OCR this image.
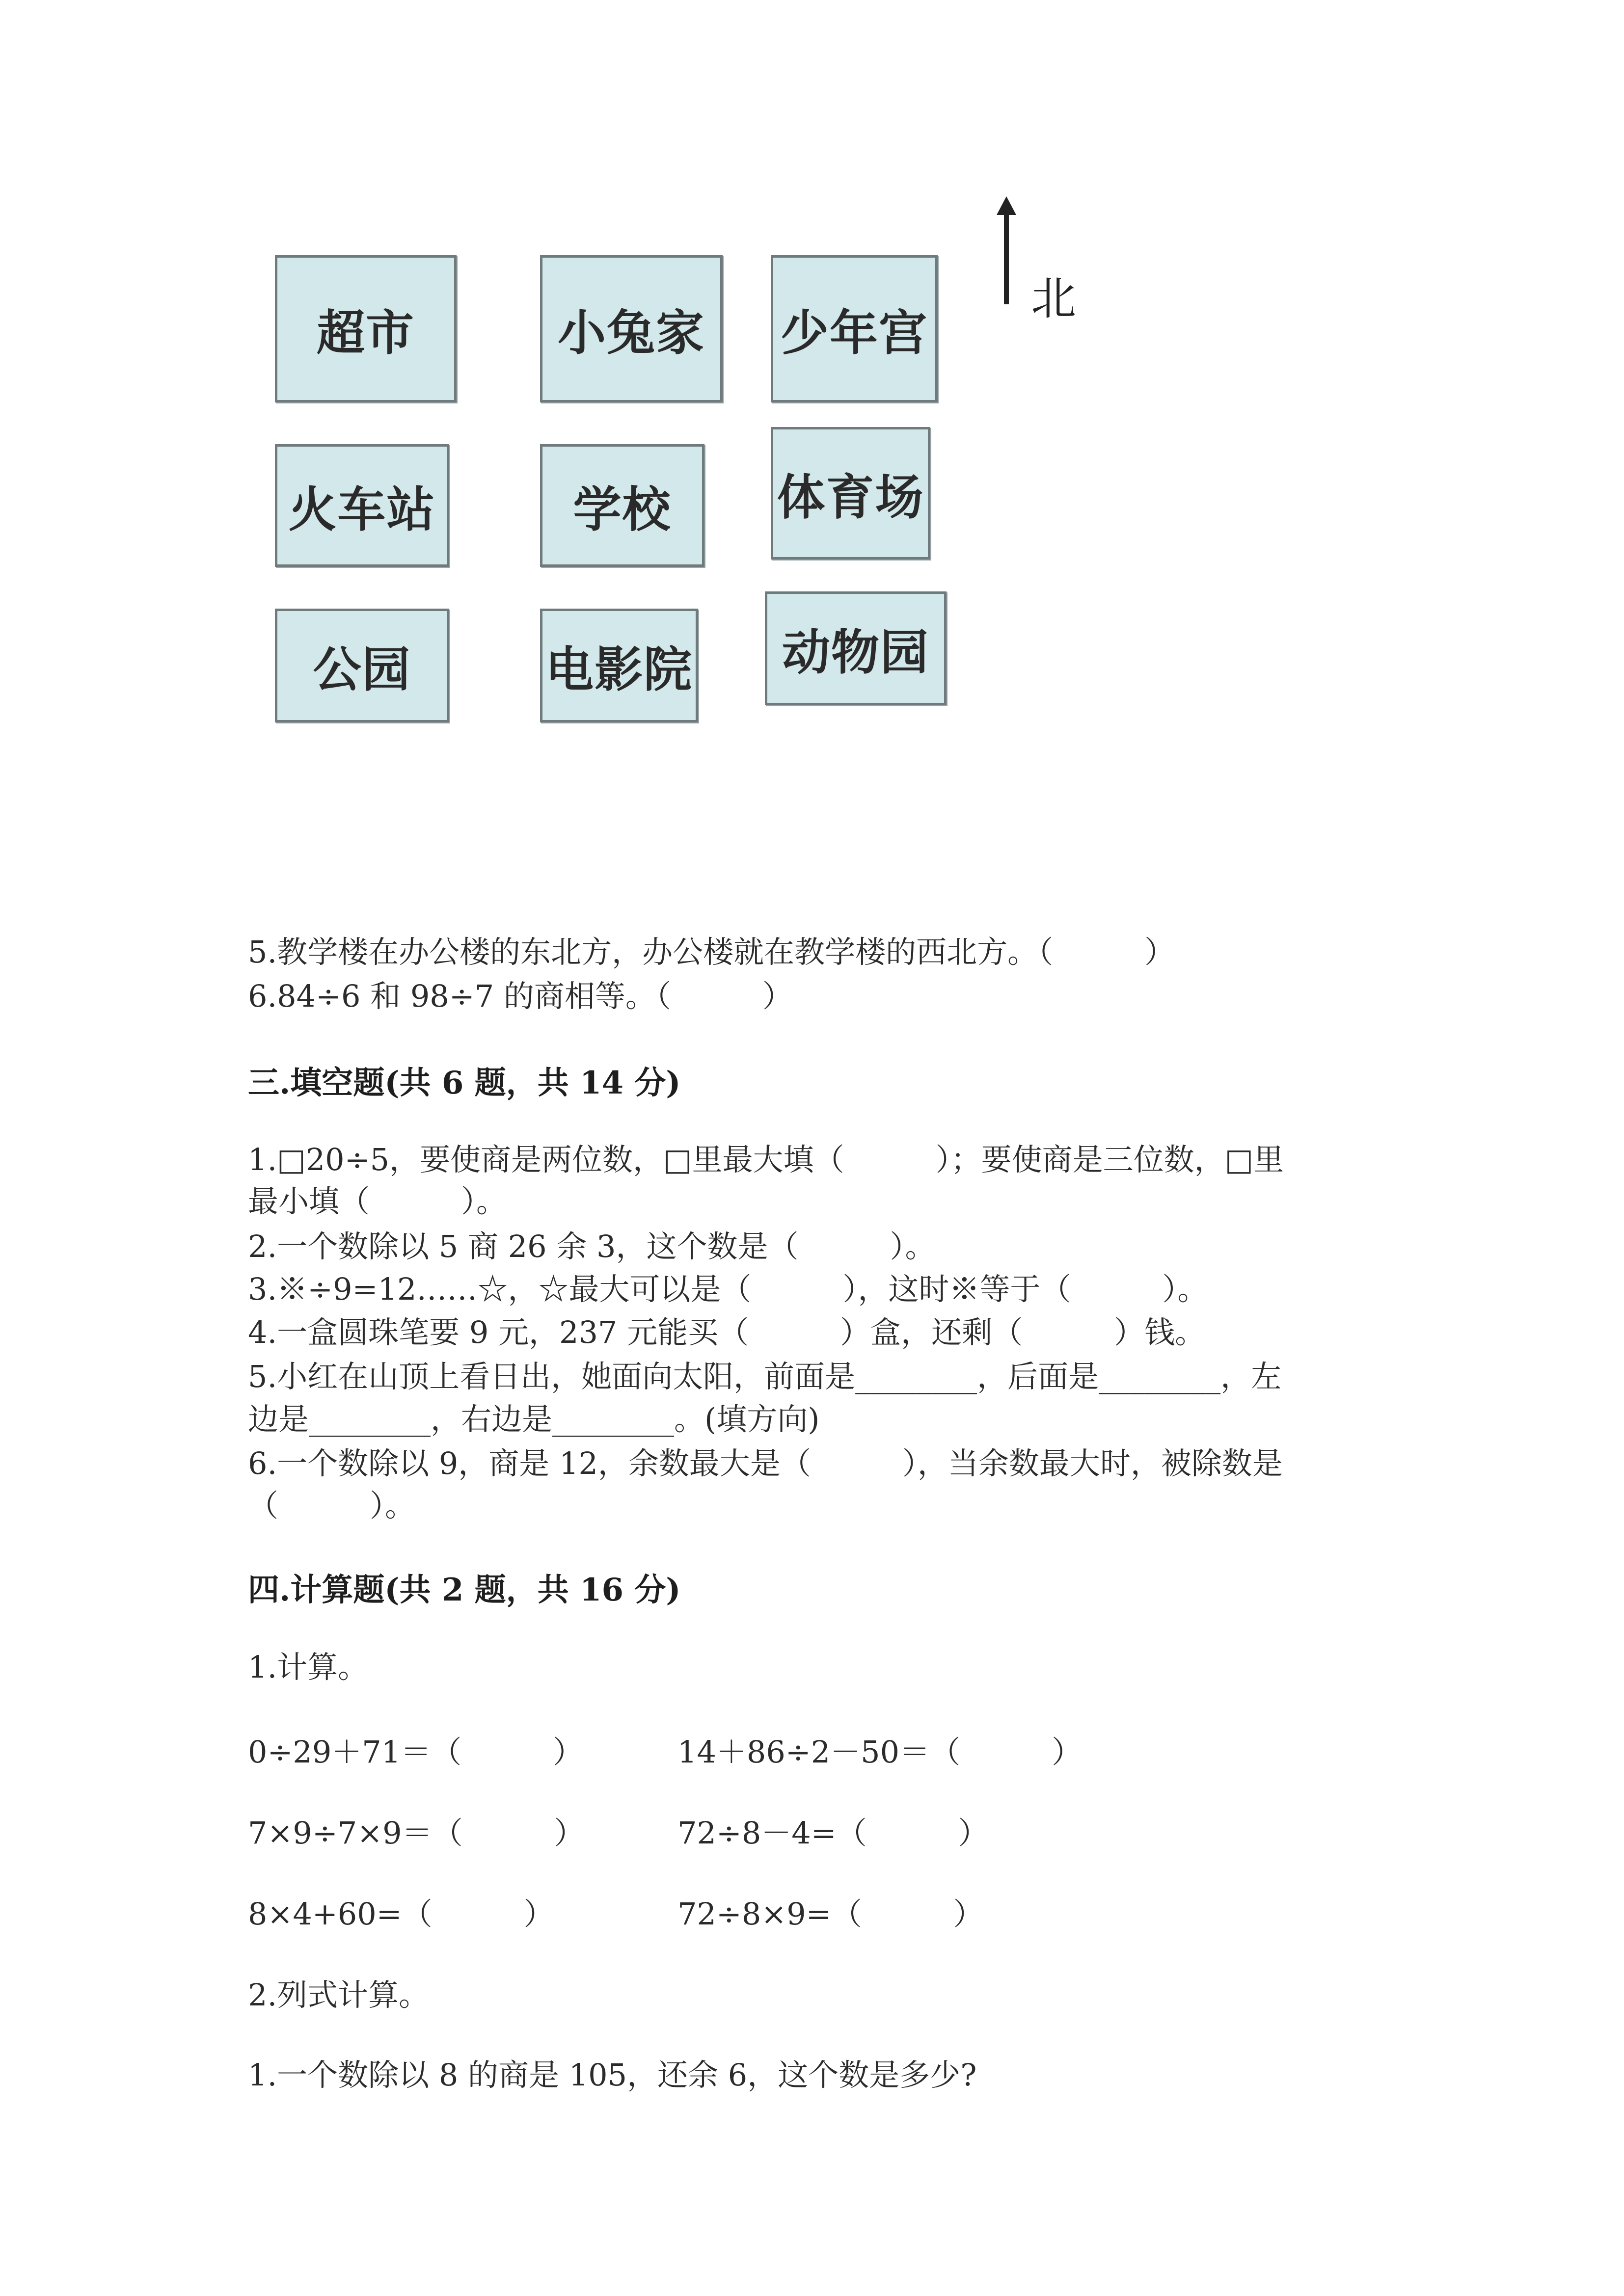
超市	小兔家	少年宫
火车站	学校	体育场
公园	电影院	动物园
北
5.教学楼在办公楼的东北方，办公楼就在教学楼的西北方。（　　　）
6.84÷6 和 98÷7 的商相等。（　　　）
三.填空题(共 6 题，共 14 分)
1.□20÷5，要使商是两位数，□里最大填（　　　）；要使商是三位数，□里
最小填（　　　）。
2.一个数除以 5 商 26 余 3，这个数是（　　　）。
3.※÷9=12……☆，☆最大可以是（　　　），这时※等于（　　　）。
4.一盒圆珠笔要 9 元，237 元能买（　　　）盒，还剩（　　　）钱。
5.小红在山顶上看日出，她面向太阳，前面是________，后面是________，左
边是________，右边是________。(填方向)
6.一个数除以 9，商是 12，余数最大是（　　　），当余数最大时，被除数是
（　　　）。
四.计算题(共 2 题，共 16 分)
1.计算。
0÷29＋71＝（　　　）	14＋86÷2－50＝（　　　）
7×9÷7×9＝（　　　）	72÷8－4=（　　　）
8×4+60=（　　　）	72÷8×9=（　　　）
2.列式计算。
1.一个数除以 8 的商是 105，还余 6，这个数是多少?
